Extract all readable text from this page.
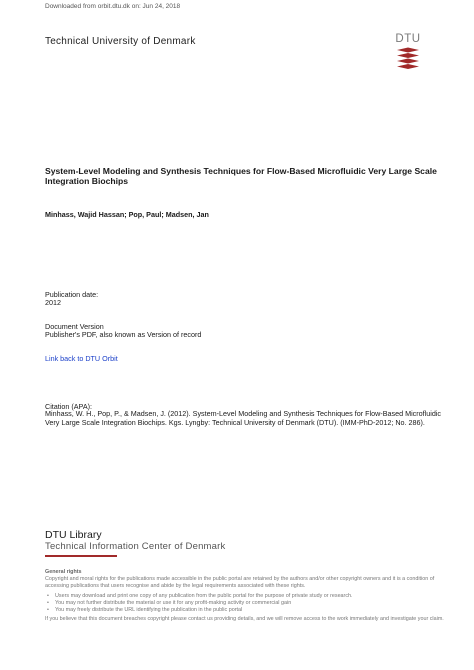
Downloaded from orbit.dtu.dk on: Jun 24, 2018
Technical University of Denmark	DTU
System-Level Modeling and Synthesis Techniques for Flow-Based Microfluidic Very Large Scale Integration Biochips
Minhass, Wajid Hassan; Pop, Paul; Madsen, Jan
Publication date:
2012
Document Version
Publisher's PDF, also known as Version of record
Link back to DTU Orbit
Citation (APA):
Minhass, W. H., Pop, P., & Madsen, J. (2012). System-Level Modeling and Synthesis Techniques for Flow-Based Microfluidic Very Large Scale Integration Biochips. Kgs. Lyngby: Technical University of Denmark (DTU). (IMM-PhD-2012; No. 286).
DTU Library
Technical Information Center of Denmark
General rights

Copyright and moral rights for the publications made accessible in the public portal are retained by the authors and/or other copyright owners and it is a condition of accessing publications that users recognise and abide by the legal requirements associated with these rights.

•	Users may download and print one copy of any publication from the public portal for the purpose of private study or research.
•	You may not further distribute the material or use it for any profit-making activity or commercial gain
•	You may freely distribute the URL identifying the publication in the public portal

If you believe that this document breaches copyright please contact us providing details, and we will remove access to the work immediately and investigate your claim.
